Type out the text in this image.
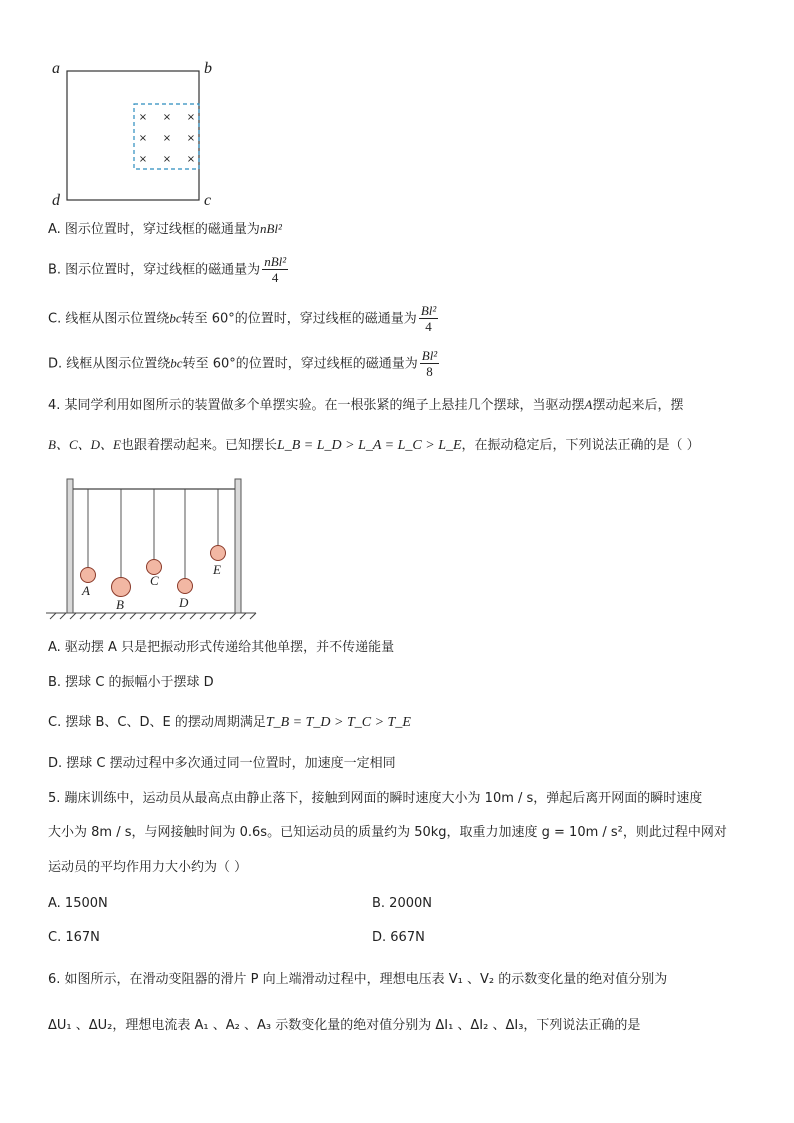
× × ×
× × ×
× × ×
a	b
c
d
A. 图示位置时，穿过线框的磁通量为nBl²
B. 图示位置时，穿过线框的磁通量为 $\frac{\text{nBl²}}{4}$
C. 线框从图示位置绕bc转至 60°的位置时，穿过线框的磁通量为 $\frac{\text{Bl²}}{4}$
D. 线框从图示位置绕bc转至 60°的位置时，穿过线框的磁通量为 $\frac{\text{Bl²}}{8}$
4. 某同学利用如图所示的装置做多个单摆实验。在一根张紧的绳子上悬挂几个摆球，当驱动摆A摆动起来后，摆
B、C、D、E也跟着摆动起来。已知摆长L_B = L_D > L_A = L_C > L_E，在振动稳定后，下列说法正确的是（ ）
A
B
C
D
E
A. 驱动摆 A 只是把振动形式传递给其他单摆，并不传递能量
B. 摆球 C 的振幅小于摆球 D
C. 摆球 B、C、D、E 的摆动周期满足T_B = T_D > T_C > T_E
D. 摆球 C 摆动过程中多次通过同一位置时，加速度一定相同
5. 蹦床训练中，运动员从最高点由静止落下，接触到网面的瞬时速度大小为 10m / s，弹起后离开网面的瞬时速度
大小为 8m / s，与网接触时间为 0.6s。已知运动员的质量约为 50kg，取重力加速度 g = 10m / s²，则此过程中网对
运动员的平均作用力大小约为（ ）
A. 1500N	B. 2000N
C. 167N	D. 667N
6. 如图所示，在滑动变阻器的滑片 P 向上端滑动过程中，理想电压表 V₁ 、V₂ 的示数变化量的绝对值分别为
ΔU₁ 、ΔU₂，理想电流表 A₁ 、A₂ 、A₃ 示数变化量的绝对值分别为 ΔI₁ 、ΔI₂ 、ΔI₃，下列说法正确的是
